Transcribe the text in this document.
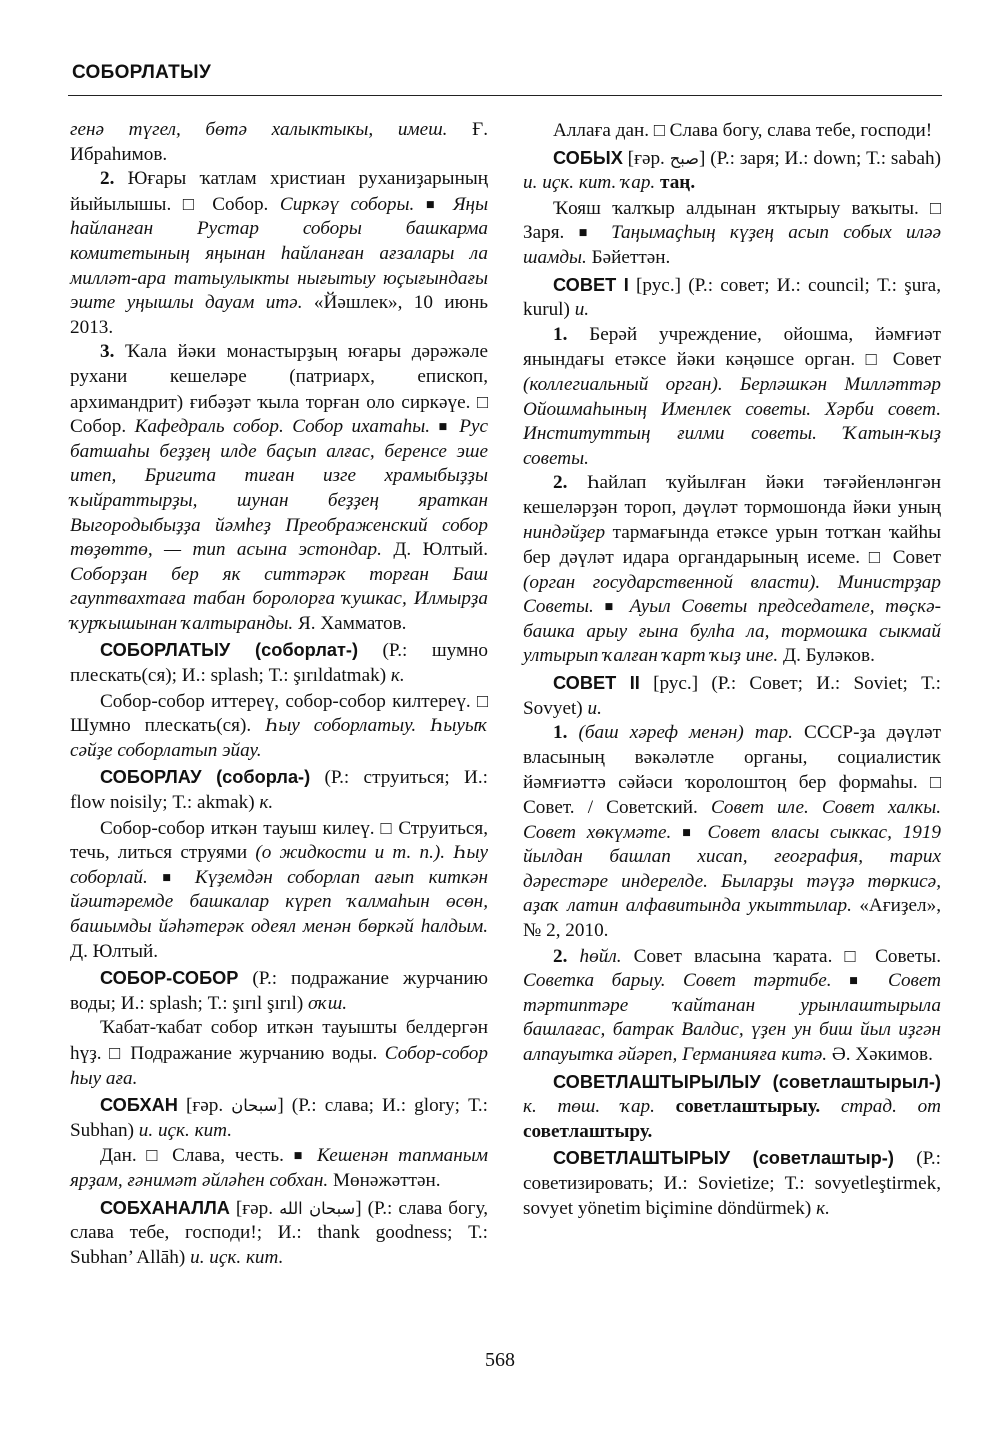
СОБОРЛАТЫУ

генә түгел, бөтә халыктыкы, имеш. Ғ. Ибраһимов.

2. Юғары ҡатлам христиан руханиҙарының йыйылышы. □ Собор. Сиркәү соборы. ■ Яңы һайланған Рустар соборы башкарма комитетының яңынан һайланған ағзалары ла милләт-ара татыулыкты нығытыу юҫығындағы эште уңышлы дауам итә. «Йәшлек», 10 июнь 2013.

3. Ҡала йәки монастырҙың юғары дәрәжәле рухани кешеләре (патриарх, епископ, архимандрит) ғибәҙәт ҡыла торған оло сиркәүе. □ Собор. Кафедраль собор. Собор ихатаһы. ■ Рус батшаһы беҙҙең илде баҫып алғас, беренсе эше итеп, Бригита тиған изге храмыбыҙҙы ҡыйраттырҙы, шунан беҙҙең яраткан Выгородыбыҙҙа йәмһеҙ Преображенский собор төҙөттө, — тип асына эстондар. Д. Юлтый. Соборҙан бер як ситтәрәк торған Баш гауптвахтаға табан боролорға ҡушкас, Илмырҙа ҡурҡышынан ҡалтыранды. Я. Хамматов.

СОБОРЛАТЫУ (соборлат-) (Р.: шумно плескать(ся); И.: splash; Т.: şırıldatmak) к.

Собор-собор иттереү, собор-собор килтереү. □ Шумно плескать(ся). Һыу соборлатыу. Һыуыҡ сәйҙе соборлатып эйау.

СОБОРЛАУ (соборла-) (Р.: струиться; И.: flow noisily; Т.: akmak) к.

Собор-собор иткән тауыш килеү. □ Струиться, течь, литься струями (о жидкости и т. п.). Һыу соборлай. ■ Күҙемдән соборлап ағып киткән йәштәремде башкалар күреп ҡалмаһын өсөн, башымды йәһәтерәк одеял менән бөркәй һалдым. Д. Юлтый.

СОБОР-СОБОР (Р.: подражание журчанию воды; И.: splash; Т.: şırıl şırıl) оҡш.

Ҡабат-ҡабат собор иткән тауышты белдергән һүҙ. □ Подражание журчанию воды. Собор-собор һыу аға.

СОБХАН [ғәр. سبحان] (Р.: слава; И.: glory; Т.: Subhan) и. иҫк. кит.

Дан. □ Слава, честь. ■ Кешенән тапманым ярҙам, ғәнимәт әйләһен собхан. Мөнәжәттән.

СОБХАНАЛЛА [ғәр. سبحان الله] (Р.: слава богу, слава тебе, господи!; И.: thank goodness; Т.: Subhan’ Allāh) и. иҫк. кит.

Аллаға дан. □ Слава богу, слава тебе, господи!

СОБЫХ [ғәр. صبح] (Р.: заря; И.: down; Т.: sabah) и. иҫк. кит. ҡар. таң.

Ҡояш ҡалҡыр алдынан яҡтырыу ваҡыты. □ Заря. ■ Таңымаҫһың күҙең асып собых иләә шамды. Бәйеттән.

СОВЕТ I [рус.] (Р.: совет; И.: council; Т.: şura, kurul) и.

1. Берәй учреждение, ойошма, йәмғиәт янындағы етәксе йәки кәңәшсе орган. □ Совет (коллегиальный орган). Берләшкән Милләттәр Ойошмаһының Именлек советы. Хәрби совет. Институттың ғилми советы. Ҡатын-ҡыҙ советы.

2. Һайлап ҡуйылған йәки тәғәйенләнгән кешеләрҙән тороп, дәүләт тормошонда йәки уның ниндәйҙер тармағында етәксе урын тотҡан ҡайһы бер дәүләт идара органдарының исеме. □ Совет (орган государственной власти). Министрҙар Советы. ■ Ауыл Советы председателе, төҫкә-башка арыу ғына булһа ла, тормошка сыкмай ултырып ҡалған ҡарт ҡыҙ ине. Д. Буләков.

СОВЕТ II [рус.] (Р.: Совет; И.: Soviet; Т.: Sovyet) и.

1. (баш хәреф менән) тар. СССР-ҙа дәүләт власының вәкәләтле органы, социалистик йәмғиәттә сәйәси ҡоролоштоң бер формаһы. □ Совет. / Советский. Совет иле. Совет халкы. Совет хөкүмәте. ■ Совет власы сыккас, 1919 йылдан башлап хисап, география, тарих дәрестәре индерелде. Быларҙы тәүҙә төркисә, аҙаҡ латин алфавитында укыттылар. «Ағиҙел», № 2, 2010.

2. һөйл. Совет власына ҡарата. □ Советы. Советка барыу. Совет тәртибе. ■ Совет тәртиптәре ҡайтанан урынлаштырыла башлағас, батрак Валдис, үҙен ун биш йыл иҙгән алпауытка әйәреп, Германияға китә. Ә. Хәкимов.

СОВЕТЛАШТЫРЫЛЫУ (советлаштырыл-) к. төш. ҡар. советлаштырыу. страд. от советлаштыру.

СОВЕТЛАШТЫРЫУ (советлаштыр-) (Р.: советизировать; И.: Sovietize; Т.: sovyetleştirmek, sovyet yönetim biçimine döndürmek) к.

568
